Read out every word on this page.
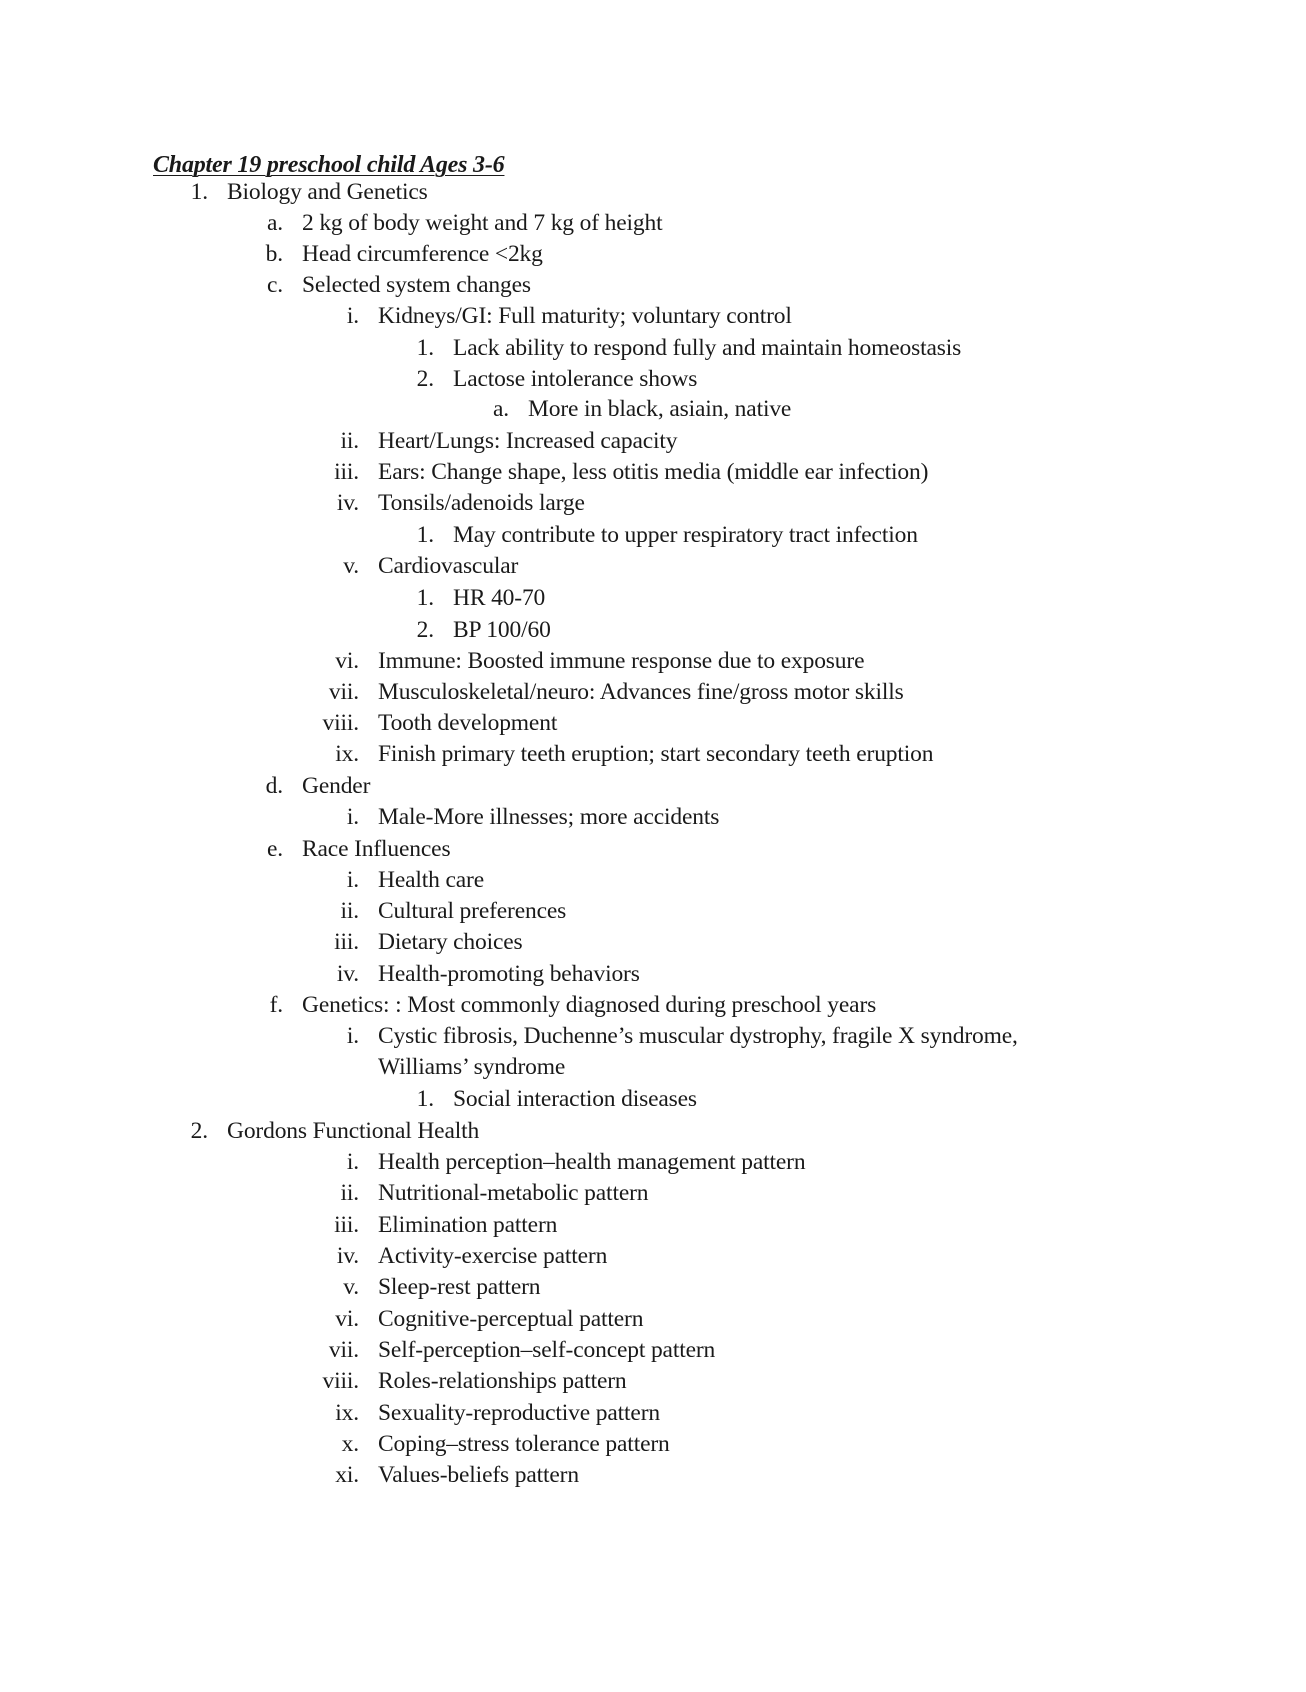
Chapter 19 preschool child Ages 3-6
1. Biology and Genetics
a. 2 kg of body weight and 7 kg of height
b. Head circumference <2kg
c. Selected system changes
i. Kidneys/GI: Full maturity; voluntary control
1. Lack ability to respond fully and maintain homeostasis
2. Lactose intolerance shows
a. More in black, asiain, native
ii. Heart/Lungs: Increased capacity
iii. Ears: Change shape, less otitis media (middle ear infection)
iv. Tonsils/adenoids large
1. May contribute to upper respiratory tract infection
v. Cardiovascular
1. HR 40-70
2. BP 100/60
vi. Immune: Boosted immune response due to exposure
vii. Musculoskeletal/neuro: Advances fine/gross motor skills
viii. Tooth development
ix. Finish primary teeth eruption; start secondary teeth eruption
d. Gender
i. Male-More illnesses; more accidents
e. Race Influences
i. Health care
ii. Cultural preferences
iii. Dietary choices
iv. Health-promoting behaviors
f. Genetics: : Most commonly diagnosed during preschool years
i. Cystic fibrosis, Duchenne’s muscular dystrophy, fragile X syndrome,
Williams’ syndrome
1. Social interaction diseases
2. Gordons Functional Health
i. Health perception–health management pattern
ii. Nutritional-metabolic pattern
iii. Elimination pattern
iv. Activity-exercise pattern
v. Sleep-rest pattern
vi. Cognitive-perceptual pattern
vii. Self-perception–self-concept pattern
viii. Roles-relationships pattern
ix. Sexuality-reproductive pattern
x. Coping–stress tolerance pattern
xi. Values-beliefs pattern
